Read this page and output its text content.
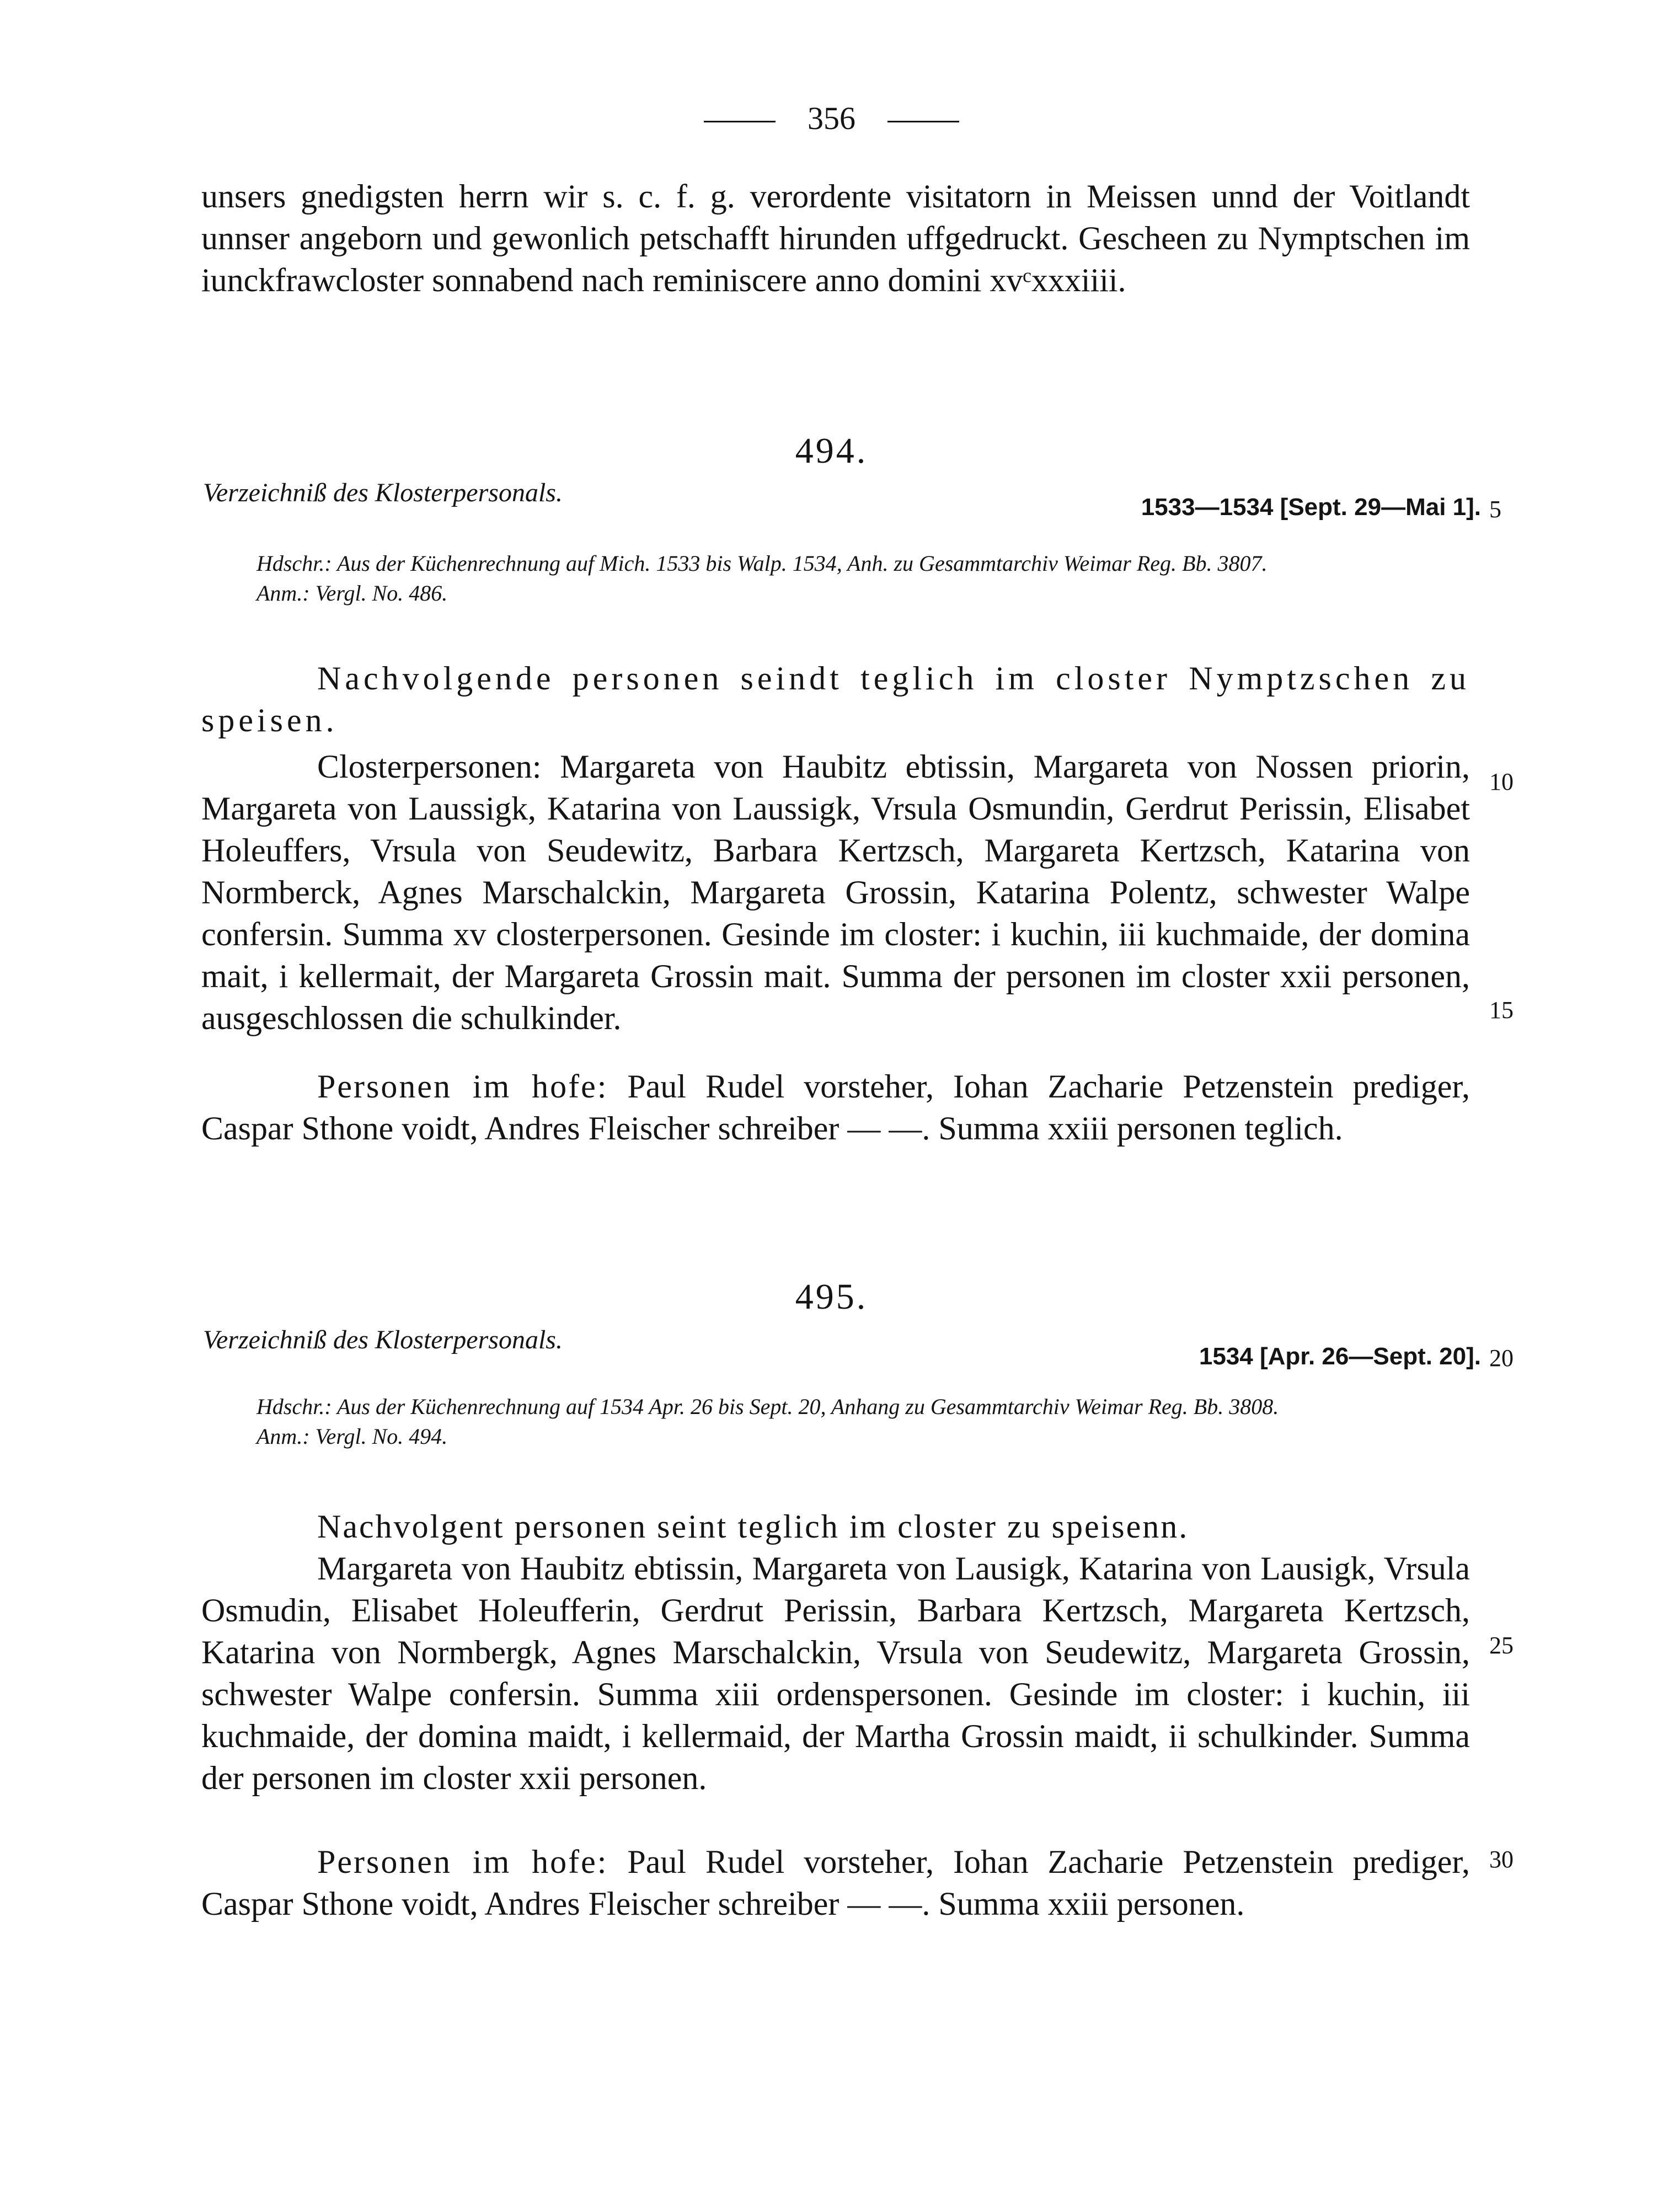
356

unsers gnedigsten herrn wir s. c. f. g. verordente visitatorn in Meissen unnd der Voitlandt unnser angeborn und gewonlich petschafft hirunden uffgedruckt. Gescheen zu Nymptschen im iunckfrawcloster sonnabend nach reminiscere anno domini xvᶜxxxiiii.

494.
Verzeichniß des Klosterpersonals.	1533—1534 [Sept. 29—Mai 1]. 5

Hdschr.: Aus der Küchenrechnung auf Mich. 1533 bis Walp. 1534, Anh. zu Gesammtarchiv Weimar Reg. Bb. 3807.

Anm.: Vergl. No. 486.

Nachvolgende personen seindt teglich im closter Nymptzschen zu speisen.

Closterpersonen: Margareta von Haubitz ebtissin, Margareta von Nossen priorin, Margareta von Laussigk, Katarina von Laussigk, Vrsula Osmundin, Gerdrut Perissin, Elisabet Holeuffers, Vrsula von Seudewitz, Barbara Kertzsch, Margareta Kertzsch, Katarina von Normberck, Agnes Marschalckin, Margareta Grossin, Katarina Polentz, schwester Walpe confersin. Summa xv closterpersonen. Gesinde im closter: i kuchin, iii kuchmaide, der domina mait, i kellermait, der Margareta Grossin mait. Summa der personen im closter xxii personen, ausgeschlossen die schulkinder.

10
15

Personen im hofe: Paul Rudel vorsteher, Iohan Zacharie Petzenstein prediger, Caspar Sthone voidt, Andres Fleischer schreiber — —. Summa xxiii personen teglich.

495.
Verzeichniß des Klosterpersonals.
1534 [Apr. 26—Sept. 20]. 20

Hdschr.: Aus der Küchenrechnung auf 1534 Apr. 26 bis Sept. 20, Anhang zu Gesammtarchiv Weimar Reg. Bb. 3808.

Anm.: Vergl. No. 494.

Nachvolgent personen seint teglich im closter zu speisenn.

Margareta von Haubitz ebtissin, Margareta von Lausigk, Katarina von Lausigk, Vrsula Osmudin, Elisabet Holeufferin, Gerdrut Perissin, Barbara Kertzsch, Margareta Kertzsch, Katarina von Normbergk, Agnes Marschalckin, Vrsula von Seudewitz, Margareta Grossin, schwester Walpe confersin. Summa xiii ordenspersonen. Gesinde im closter: i kuchin, iii kuchmaide, der domina maidt, i kellermaid, der Martha Grossin maidt, ii schulkinder. Summa der personen im closter xxii personen.

25
30

Personen im hofe: Paul Rudel vorsteher, Iohan Zacharie Petzenstein prediger, Caspar Sthone voidt, Andres Fleischer schreiber — —. Summa xxiii personen.
